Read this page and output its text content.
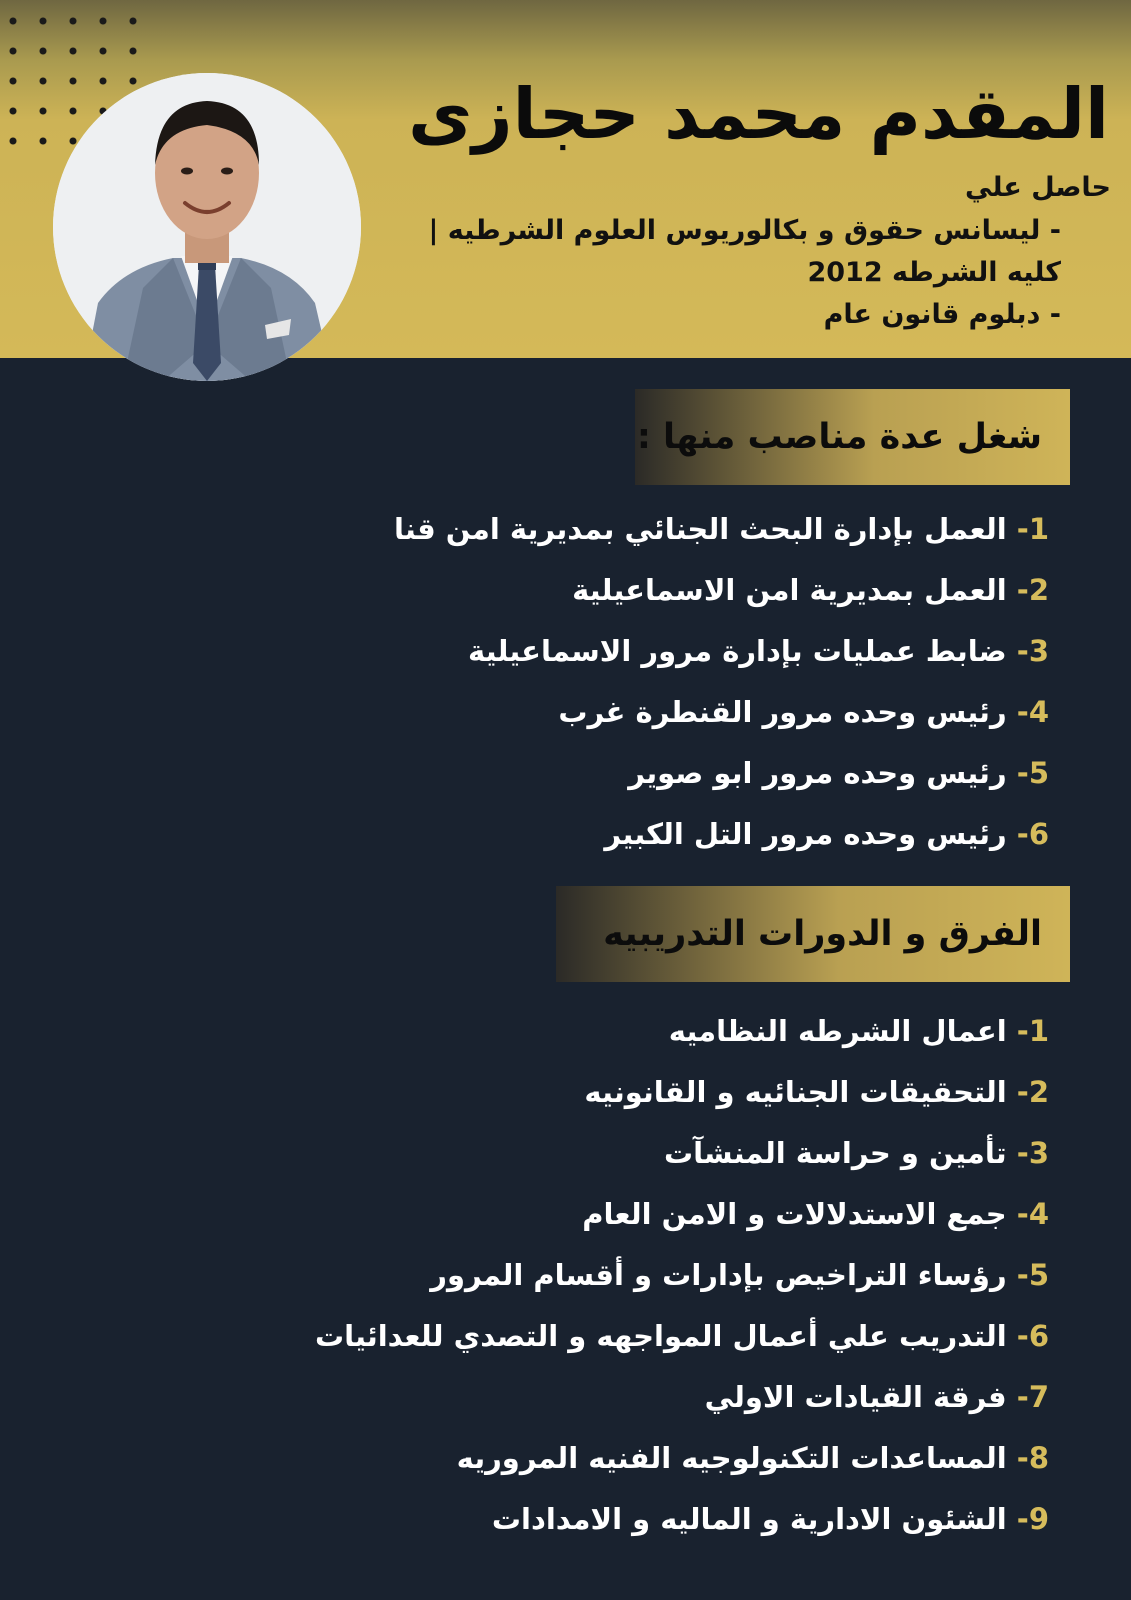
المقدم محمد حجازى
حاصل علي
- ليسانس حقوق و بكالوريوس العلوم الشرطيه | كليه الشرطه 2012
- دبلوم قانون عام
شغل عدة مناصب منها :
1- العمل بإدارة البحث الجنائي بمديرية امن قنا
2- العمل بمديرية امن الاسماعيلية
3- ضابط عمليات بإدارة مرور الاسماعيلية
4- رئيس وحده مرور القنطرة غرب
5- رئيس وحده مرور ابو صوير
6- رئيس وحده مرور التل الكبير
الفرق و الدورات التدريبيه
1- اعمال الشرطه النظاميه
2- التحقيقات الجنائيه و القانونيه
3- تأمين و حراسة المنشآت
4- جمع الاستدلالات و الامن العام
5- رؤساء التراخيص بإدارات و أقسام المرور
6- التدريب علي أعمال المواجهه و التصدي للعدائيات
7- فرقة القيادات الاولي
8- المساعدات التكنولوجيه الفنيه المروريه
9- الشئون الادارية و الماليه و الامدادات
